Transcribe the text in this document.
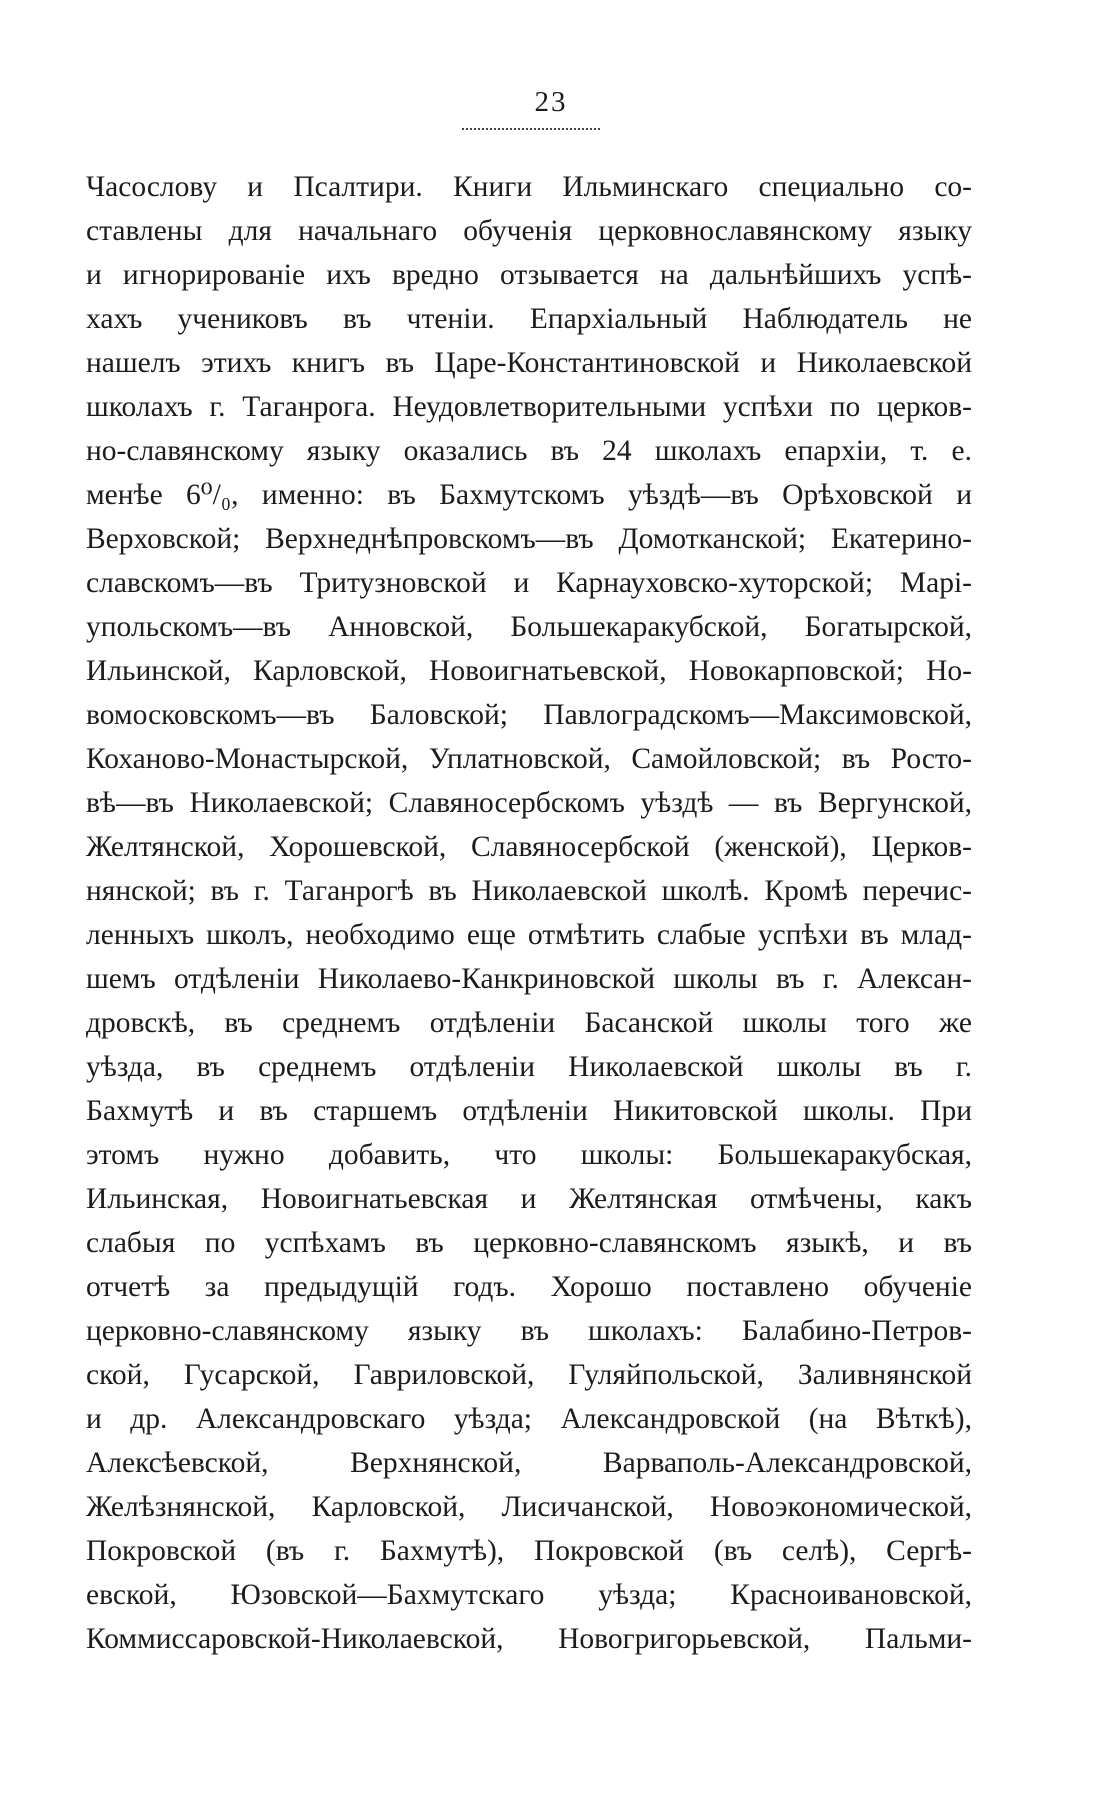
23
Часослову и Псалтири. Книги Ильминскаго специально со-
ставлены для начальнаго обученія церковнославянскому языку
и игнорированіе ихъ вредно отзывается на дальнѣйшихъ успѣ-
хахъ учениковъ въ чтеніи. Епархіальный Наблюдатель не
нашелъ этихъ книгъ въ Царе-Константиновской и Николаевской
школахъ г. Таганрога. Неудовлетворительными успѣхи по церков-
но-славянскому языку оказались въ 24 школахъ епархіи, т. е.
менѣе 6⁰/₀, именно: въ Бахмутскомъ уѣздѣ—въ Орѣховской и
Верховской; Верхнеднѣпровскомъ—въ Домотканской; Екатерино-
славскомъ—въ Тритузновской и Карнауховско-хуторской; Марі-
упольскомъ—въ Анновской, Большекаракубской, Богатырской,
Ильинской, Карловской, Новоигнатьевской, Новокарповской; Но-
вомосковскомъ—въ Баловской; Павлоградскомъ—Максимовской,
Кохановo-Монастырской, Уплатновской, Самойловской; въ Росто-
вѣ—въ Николаевской; Славяносербскомъ уѣздѣ — въ Вергунской,
Желтянской, Хорошевской, Славяносербской (женской), Церков-
нянской; въ г. Таганрогѣ въ Николаевской школѣ. Кромѣ перечис-
ленныхъ школъ, необходимо еще отмѣтить слабые успѣхи въ млад-
шемъ отдѣленіи Николаево-Канкриновской школы въ г. Алексан-
дровскѣ, въ среднемъ отдѣленіи Басанской школы того же
уѣзда, въ среднемъ отдѣленіи Николаевской школы въ г.
Бахмутѣ и въ старшемъ отдѣленіи Никитовской школы. При
этомъ нужно добавить, что школы: Большекаракубская,
Ильинская, Новоигнатьевская и Желтянская отмѣчены, какъ
слабыя по успѣхамъ въ церковно-славянскомъ языкѣ, и въ
отчетѣ за предыдущій годъ. Хорошо поставлено обученіе
церковно-славянскому языку въ школахъ: Балабино-Петров-
ской, Гусарской, Гавриловской, Гуляйпольской, Заливнянской
и др. Александровскаго уѣзда; Александровской (на Вѣткѣ),
Алексѣевской, Верхнянской, Варваполь-Александровской,
Желѣзнянской, Карловской, Лисичанской, Новоэкономической,
Покровской (въ г. Бахмутѣ), Покровской (въ селѣ), Сергѣ-
евской, Юзовской—Бахмутскаго уѣзда; Красноивановской,
Коммиссаровской-Николаевской, Новогригорьевской, Пальми-
